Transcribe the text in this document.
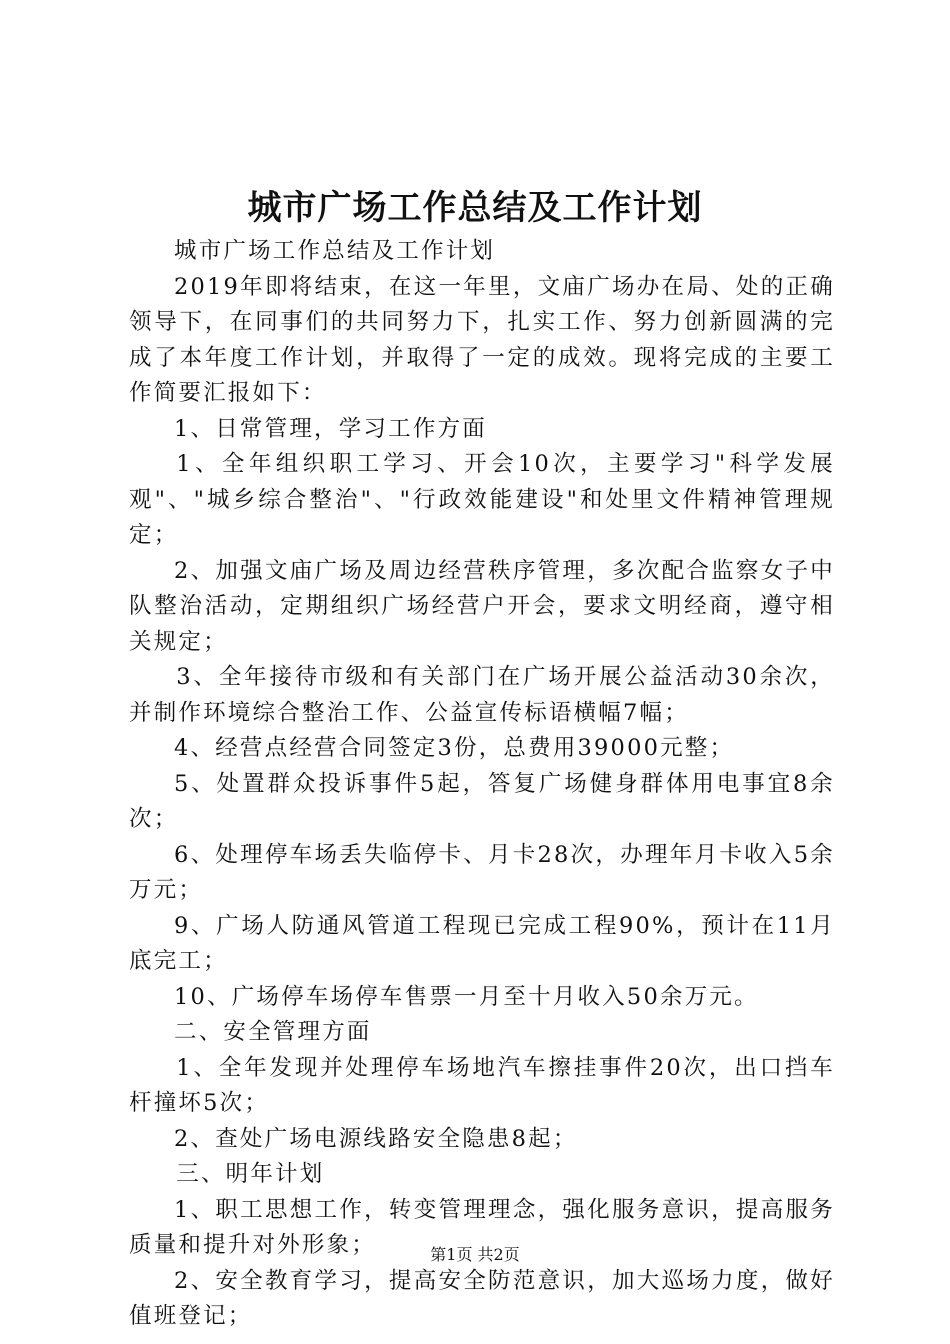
城市广场工作总结及工作计划

城市广场工作总结及工作计划

2019年即将结束，在这一年里，文庙广场办在局、处的正确领导下，在同事们的共同努力下，扎实工作、努力创新圆满的完成了本年度工作计划，并取得了一定的成效。现将完成的主要工作简要汇报如下：

1、日常管理，学习工作方面

1、全年组织职工学习、开会10次，主要学习"科学发展观"、"城乡综合整治"、"行政效能建设"和处里文件精神管理规定；

2、加强文庙广场及周边经营秩序管理，多次配合监察女子中队整治活动，定期组织广场经营户开会，要求文明经商，遵守相关规定；

3、全年接待市级和有关部门在广场开展公益活动30余次，并制作环境综合整治工作、公益宣传标语横幅7幅；

4、经营点经营合同签定3份，总费用39000元整；

5、处置群众投诉事件5起，答复广场健身群体用电事宜8余次；

6、处理停车场丢失临停卡、月卡28次，办理年月卡收入5余万元；

9、广场人防通风管道工程现已完成工程90%，预计在11月底完工；

10、广场停车场停车售票一月至十月收入50余万元。

二、安全管理方面

1、全年发现并处理停车场地汽车擦挂事件20次，出口挡车杆撞坏5次；

2、查处广场电源线路安全隐患8起；

三、明年计划

1、职工思想工作，转变管理理念，强化服务意识，提高服务质量和提升对外形象；

2、安全教育学习，提高安全防范意识，加大巡场力度，做好值班登记；

第1页 共2页
